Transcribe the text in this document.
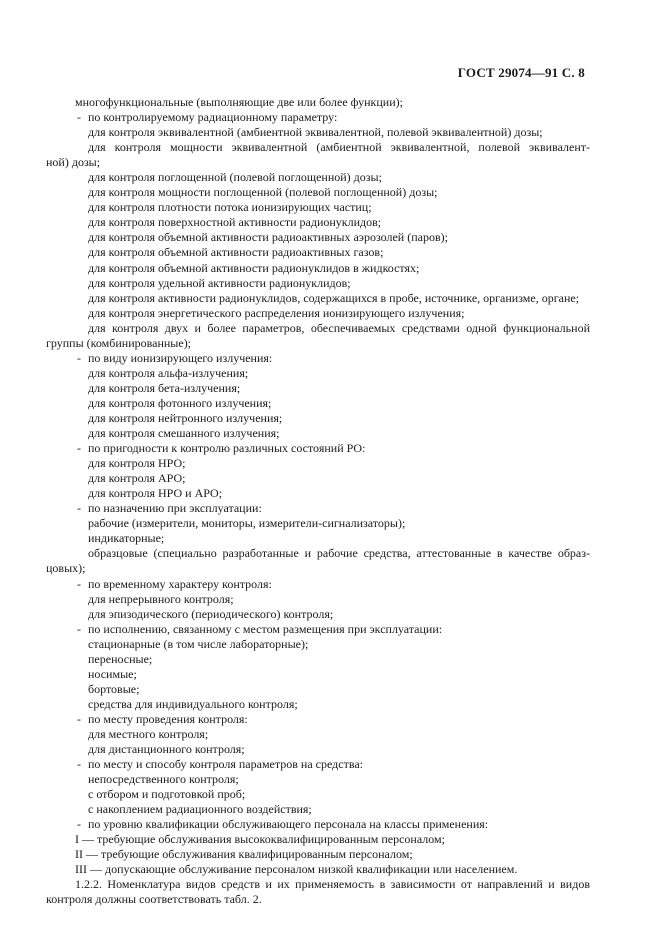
ГОСТ 29074—91 С. 8
многофункциональные (выполняющие две или более функции);
- по контролируемому радиационному параметру:
для контроля эквивалентной (амбиентной эквивалентной, полевой эквивалентной) дозы;
для контроля мощности эквивалентной (амбиентной эквивалентной, полевой эквивалент-
ной) дозы;
для контроля поглощенной (полевой поглощенной) дозы;
для контроля мощности поглощенной (полевой поглощенной) дозы;
для контроля плотности потока ионизирующих частиц;
для контроля поверхностной активности радионуклидов;
для контроля объемной активности радиоактивных аэрозолей (паров);
для контроля объемной активности радиоактивных газов;
для контроля объемной активности радионуклидов в жидкостях;
для контроля удельной активности радионуклидов;
для контроля активности радионуклидов, содержащихся в пробе, источнике, организме, органе;
для контроля энергетического распределения ионизирующего излучения;
для контроля двух и более параметров, обеспечиваемых средствами одной функциональной
группы (комбинированные);
- по виду ионизирующего излучения:
для контроля альфа-излучения;
для контроля бета-излучения;
для контроля фотонного излучения;
для контроля нейтронного излучения;
для контроля смешанного излучения;
- по пригодности к контролю различных состояний РО:
для контроля НРО;
для контроля АРО;
для контроля НРО и АРО;
- по назначению при эксплуатации:
рабочие (измерители, мониторы, измерители-сигнализаторы);
индикаторные;
образцовые (специально разработанные и рабочие средства, аттестованные в качестве образ-
цовых);
- по временному характеру контроля:
для непрерывного контроля;
для эпизодического (периодического) контроля;
- по исполнению, связанному с местом размещения при эксплуатации:
стационарные (в том числе лабораторные);
переносные;
носимые;
бортовые;
средства для индивидуального контроля;
- по месту проведения контроля:
для местного контроля;
для дистанционного контроля;
- по месту и способу контроля параметров на средства:
непосредственного контроля;
с отбором и подготовкой проб;
с накоплением радиационного воздействия;
- по уровню квалификации обслуживающего персонала на классы применения:
I — требующие обслуживания высококвалифицированным персоналом;
II — требующие обслуживания квалифицированным персоналом;
III — допускающие обслуживание персоналом низкой квалификации или населением.
1.2.2. Номенклатура видов средств и их применяемость в зависимости от направлений и видов
контроля должны соответствовать табл. 2.
